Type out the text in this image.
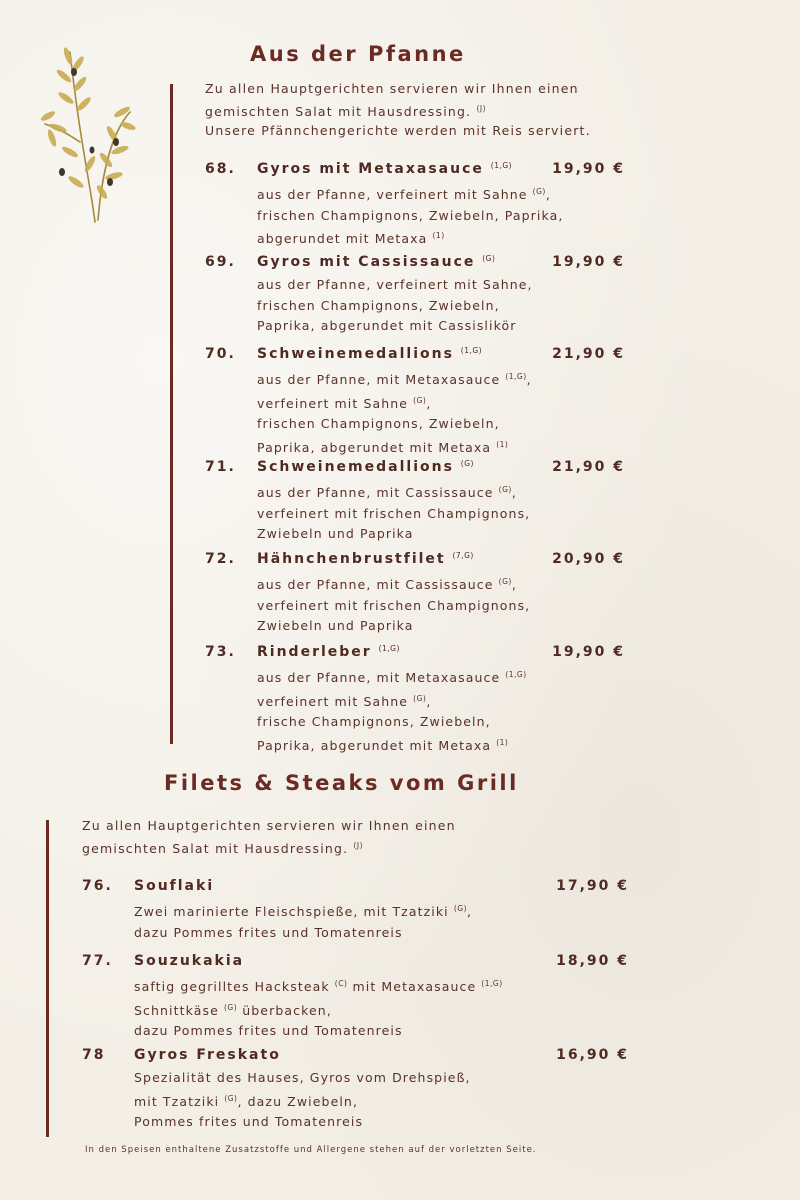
Aus der Pfanne
Zu allen Hauptgerichten servieren wir Ihnen einen
gemischten Salat mit Hausdressing. $^{(J)}$
Unsere Pfännchengerichte werden mit Reis serviert.
68. Gyros mit Metaxasauce $^{(1,G)}$	19,90 €
aus der Pfanne, verfeinert mit Sahne $^{(G)}$,
frischen Champignons, Zwiebeln, Paprika,
abgerundet mit Metaxa $^{(1)}$
69. Gyros mit Cassissauce $^{(G)}$	19,90 €
aus der Pfanne, verfeinert mit Sahne,
frischen Champignons, Zwiebeln,
Paprika, abgerundet mit Cassislikör
70. Schweinemedallions $^{(1,G)}$	21,90 €
aus der Pfanne, mit Metaxasauce $^{(1,G)}$,
verfeinert mit Sahne $^{(G)}$,
frischen Champignons, Zwiebeln,
Paprika, abgerundet mit Metaxa $^{(1)}$
71. Schweinemedallions $^{(G)}$	21,90 €
aus der Pfanne, mit Cassissauce $^{(G)}$,
verfeinert mit frischen Champignons,
Zwiebeln und Paprika
72. Hähnchenbrustfilet $^{(7,G)}$	20,90 €
aus der Pfanne, mit Cassissauce $^{(G)}$,
verfeinert mit frischen Champignons,
Zwiebeln und Paprika
73. Rinderleber $^{(1,G)}$	19,90 €
aus der Pfanne, mit Metaxasauce $^{(1,G)}$
verfeinert mit Sahne $^{(G)}$,
frische Champignons, Zwiebeln,
Paprika, abgerundet mit Metaxa $^{(1)}$
Filets & Steaks vom Grill
Zu allen Hauptgerichten servieren wir Ihnen einen
gemischten Salat mit Hausdressing. $^{(J)}$
76. Souflaki	17,90 €
Zwei marinierte Fleischspieße, mit Tzatziki $^{(G)}$,
dazu Pommes frites und Tomatenreis
77. Souzukakia	18,90 €
saftig gegrilltes Hacksteak $^{(C)}$ mit Metaxasauce $^{(1,G)}$
Schnittkäse $^{(G)}$ überbacken,
dazu Pommes frites und Tomatenreis
78 Gyros Freskato	16,90 €
Spezialität des Hauses, Gyros vom Drehspieß,
mit Tzatziki $^{(G)}$, dazu Zwiebeln,
Pommes frites und Tomatenreis
In den Speisen enthaltene Zusatzstoffe und Allergene stehen auf der vorletzten Seite.
